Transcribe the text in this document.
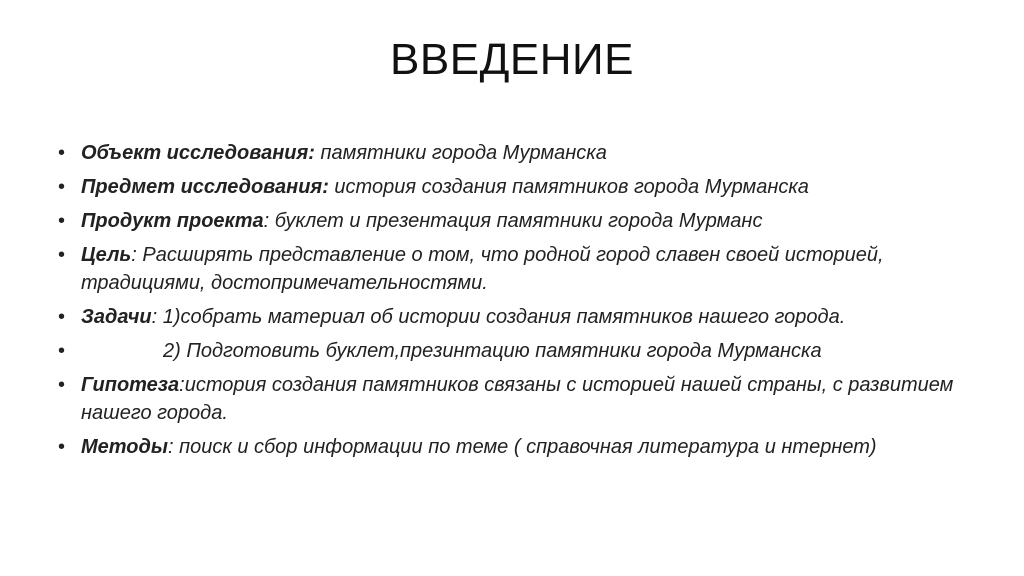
ВВЕДЕНИЕ
• Объект исследования: памятники города Мурманска
• Предмет исследования: история создания памятников города Мурманска
• Продукт проекта: буклет и презентация памятники города Мурманс
• Цель: Расширять представление о том, что родной город славен своей историей, традициями, достопримечательностями.
• Задачи: 1)собрать материал об истории создания памятников нашего города.
•	2) Подготовить буклет,презинтацию памятники города Мурманска
• Гипотеза:история создания памятников связаны с историей нашей страны, с развитием нашего города.
• Методы: поиск и сбор информации по теме ( справочная литература и нтернет)
